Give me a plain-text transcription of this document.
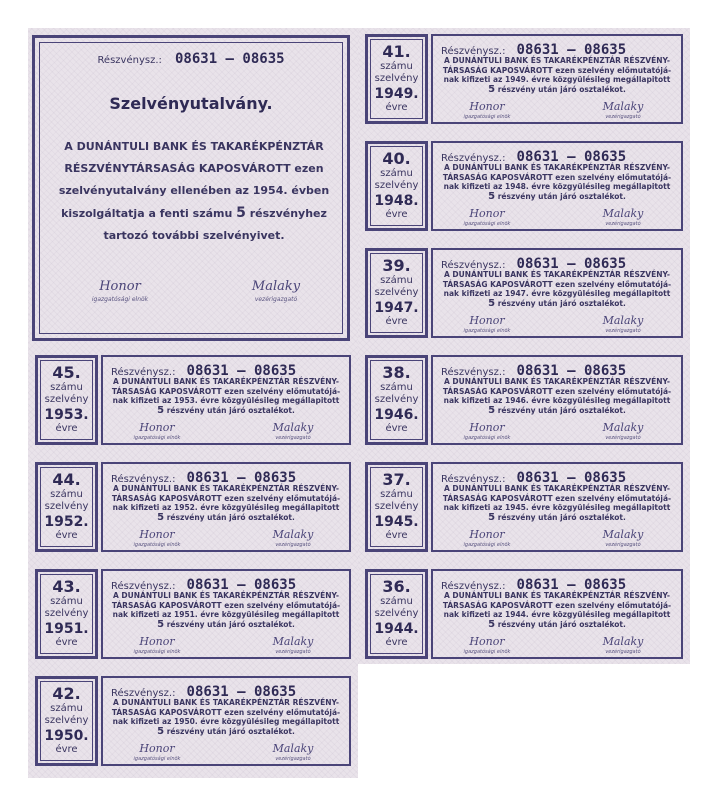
Részvénysz.: 08631 – 08635
Szelvényutalvány.
A DUNÁNTULI BANK ÉS TAKARÉKPÉNZTÁR
RÉSZVÉNYTÁRSASÁG KAPOSVÁROTT ezen
szelvényutalvány ellenében az 1954. évben
kiszolgáltatja a fenti számu 5 részvényhez
tartozó további szelvényivet.
Honor
igazgatósági elnök
Malaky
vezérigazgató
41.
számu
szelvény
1949.
évre
Részvénysz.: 08631 – 08635
A DUNÁNTULI BANK ÉS TAKARÉKPÉNZTÁR RÉSZVÉNY-
TÁRSASÁG KAPOSVÁROTT ezen szelvény előmutatójá-
nak kifizeti az 1949. évre közgyülésileg megállapitott
5 részvény után járó osztalékot.
Honor
igazgatósági elnök
Malaky
vezérigazgató
40.
számu
szelvény
1948.
évre
Részvénysz.: 08631 – 08635
A DUNÁNTULI BANK ÉS TAKARÉKPÉNZTÁR RÉSZVÉNY-
TÁRSASÁG KAPOSVÁROTT ezen szelvény előmutatójá-
nak kifizeti az 1948. évre közgyülésileg megállapitott
5 részvény után járó osztalékot.
Honor
igazgatósági elnök
Malaky
vezérigazgató
39.
számu
szelvény
1947.
évre
Részvénysz.: 08631 – 08635
A DUNÁNTULI BANK ÉS TAKARÉKPÉNZTÁR RÉSZVÉNY-
TÁRSASÁG KAPOSVÁROTT ezen szelvény előmutatójá-
nak kifizeti az 1947. évre közgyülésileg megállapitott
5 részvény után járó osztalékot.
Honor
igazgatósági elnök
Malaky
vezérigazgató
38.
számu
szelvény
1946.
évre
Részvénysz.: 08631 – 08635
A DUNÁNTULI BANK ÉS TAKARÉKPÉNZTÁR RÉSZVÉNY-
TÁRSASÁG KAPOSVÁROTT ezen szelvény előmutatójá-
nak kifizeti az 1946. évre közgyülésileg megállapitott
5 részvény után járó osztalékot.
Honor
igazgatósági elnök
Malaky
vezérigazgató
37.
számu
szelvény
1945.
évre
Részvénysz.: 08631 – 08635
A DUNÁNTULI BANK ÉS TAKARÉKPÉNZTÁR RÉSZVÉNY-
TÁRSASÁG KAPOSVÁROTT ezen szelvény előmutatójá-
nak kifizeti az 1945. évre közgyülésileg megállapitott
5 részvény után járó osztalékot.
Honor
igazgatósági elnök
Malaky
vezérigazgató
36.
számu
szelvény
1944.
évre
Részvénysz.: 08631 – 08635
A DUNÁNTULI BANK ÉS TAKARÉKPÉNZTÁR RÉSZVÉNY-
TÁRSASÁG KAPOSVÁROTT ezen szelvény előmutatójá-
nak kifizeti az 1944. évre közgyülésileg megállapitott
5 részvény után járó osztalékot.
Honor
igazgatósági elnök
Malaky
vezérigazgató
45.
számu
szelvény
1953.
évre
Részvénysz.: 08631 – 08635
A DUNÁNTULI BANK ÉS TAKARÉKPÉNZTÁR RÉSZVÉNY-
TÁRSASÁG KAPOSVÁROTT ezen szelvény előmutatójá-
nak kifizeti az 1953. évre közgyülésileg megállapitott
5 részvény után járó osztalékot.
Honor
igazgatósági elnök
Malaky
vezérigazgató
44.
számu
szelvény
1952.
évre
Részvénysz.: 08631 – 08635
A DUNÁNTULI BANK ÉS TAKARÉKPÉNZTÁR RÉSZVÉNY-
TÁRSASÁG KAPOSVÁROTT ezen szelvény előmutatójá-
nak kifizeti az 1952. évre közgyülésileg megállapitott
5 részvény után járó osztalékot.
Honor
igazgatósági elnök
Malaky
vezérigazgató
43.
számu
szelvény
1951.
évre
Részvénysz.: 08631 – 08635
A DUNÁNTULI BANK ÉS TAKARÉKPÉNZTÁR RÉSZVÉNY-
TÁRSASÁG KAPOSVÁROTT ezen szelvény előmutatójá-
nak kifizeti az 1951. évre közgyülésileg megállapitott
5 részvény után járó osztalékot.
Honor
igazgatósági elnök
Malaky
vezérigazgató
42.
számu
szelvény
1950.
évre
Részvénysz.: 08631 – 08635
A DUNÁNTULI BANK ÉS TAKARÉKPÉNZTÁR RÉSZVÉNY-
TÁRSASÁG KAPOSVÁROTT ezen szelvény előmutatójá-
nak kifizeti az 1950. évre közgyülésileg megállapitott
5 részvény után járó osztalékot.
Honor
igazgatósági elnök
Malaky
vezérigazgató
